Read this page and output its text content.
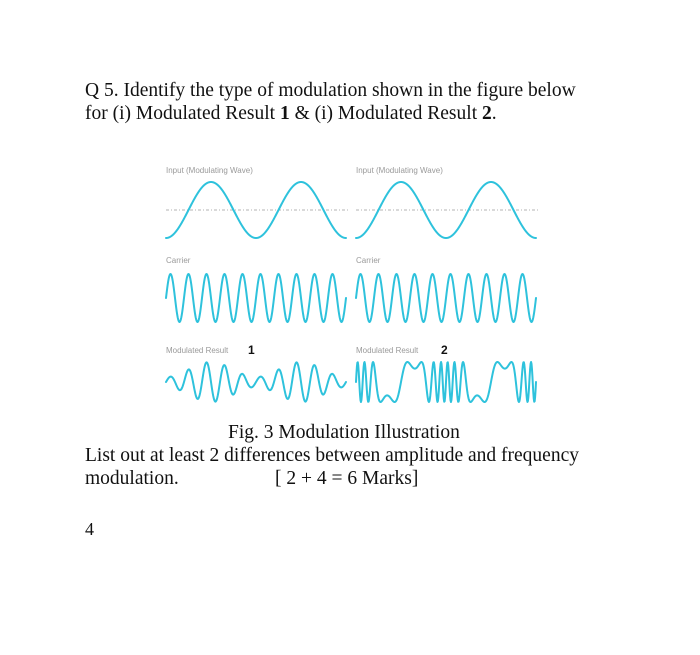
Q 5. Identify the type of modulation shown in the figure below
for (i) Modulated Result 1 & (i) Modulated Result 2.
Input (Modulating Wave)
Carrier
Modulated Result 1
Input (Modulating Wave)
Carrier
Modulated Result 2
Fig. 3 Modulation Illustration
List out at least 2 differences between amplitude and frequency
modulation.	[ 2 + 4 = 6 Marks]
4
